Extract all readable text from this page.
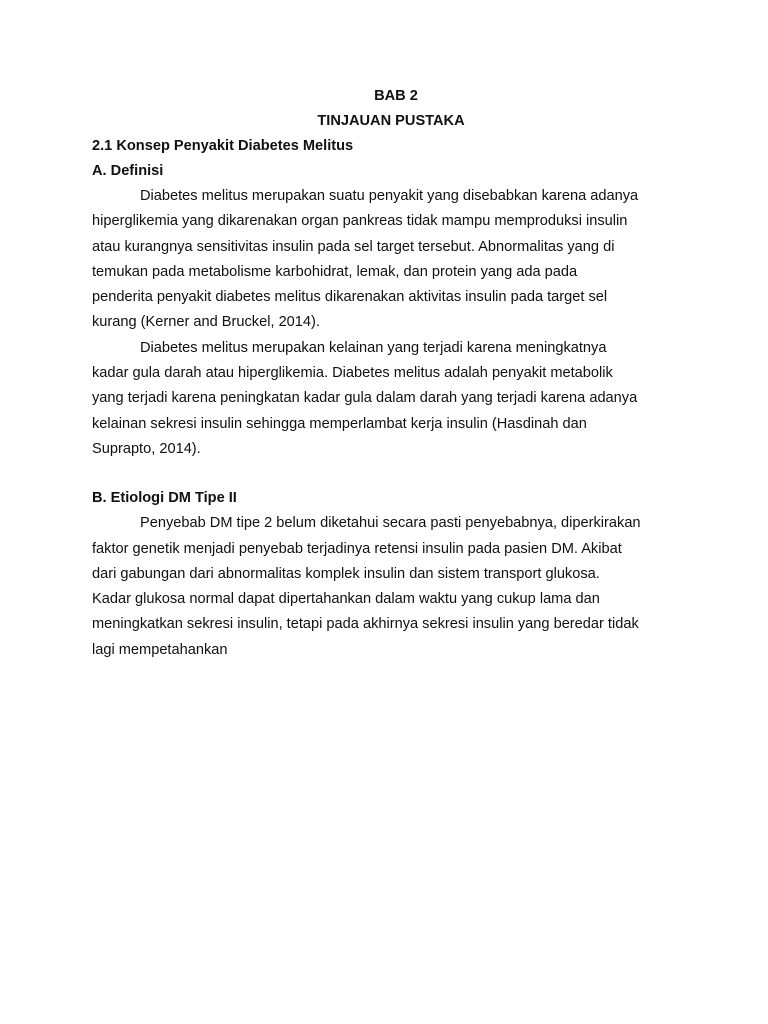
BAB 2

TINJAUAN PUSTAKA

2.1 Konsep Penyakit Diabetes Melitus

A. Definisi

Diabetes melitus merupakan suatu penyakit yang disebabkan karena adanya
hiperglikemia yang dikarenakan organ pankreas tidak mampu memproduksi insulin
atau kurangnya sensitivitas insulin pada sel target tersebut. Abnormalitas yang di
temukan pada metabolisme karbohidrat, lemak, dan protein yang ada pada
penderita penyakit diabetes melitus dikarenakan aktivitas insulin pada target sel
kurang (Kerner and Bruckel, 2014).

Diabetes melitus merupakan kelainan yang terjadi karena meningkatnya
kadar gula darah atau hiperglikemia. Diabetes melitus adalah penyakit metabolik
yang terjadi karena peningkatan kadar gula dalam darah yang terjadi karena adanya
kelainan sekresi insulin sehingga memperlambat kerja insulin (Hasdinah dan
Suprapto, 2014).

B. Etiologi DM Tipe II

Penyebab DM tipe 2 belum diketahui secara pasti penyebabnya, diperkirakan
faktor genetik menjadi penyebab terjadinya retensi insulin pada pasien DM. Akibat
dari gabungan dari abnormalitas komplek insulin dan sistem transport glukosa.
Kadar glukosa normal dapat dipertahankan dalam waktu yang cukup lama dan
meningkatkan sekresi insulin, tetapi pada akhirnya sekresi insulin yang beredar tidak
lagi mempetahankan
